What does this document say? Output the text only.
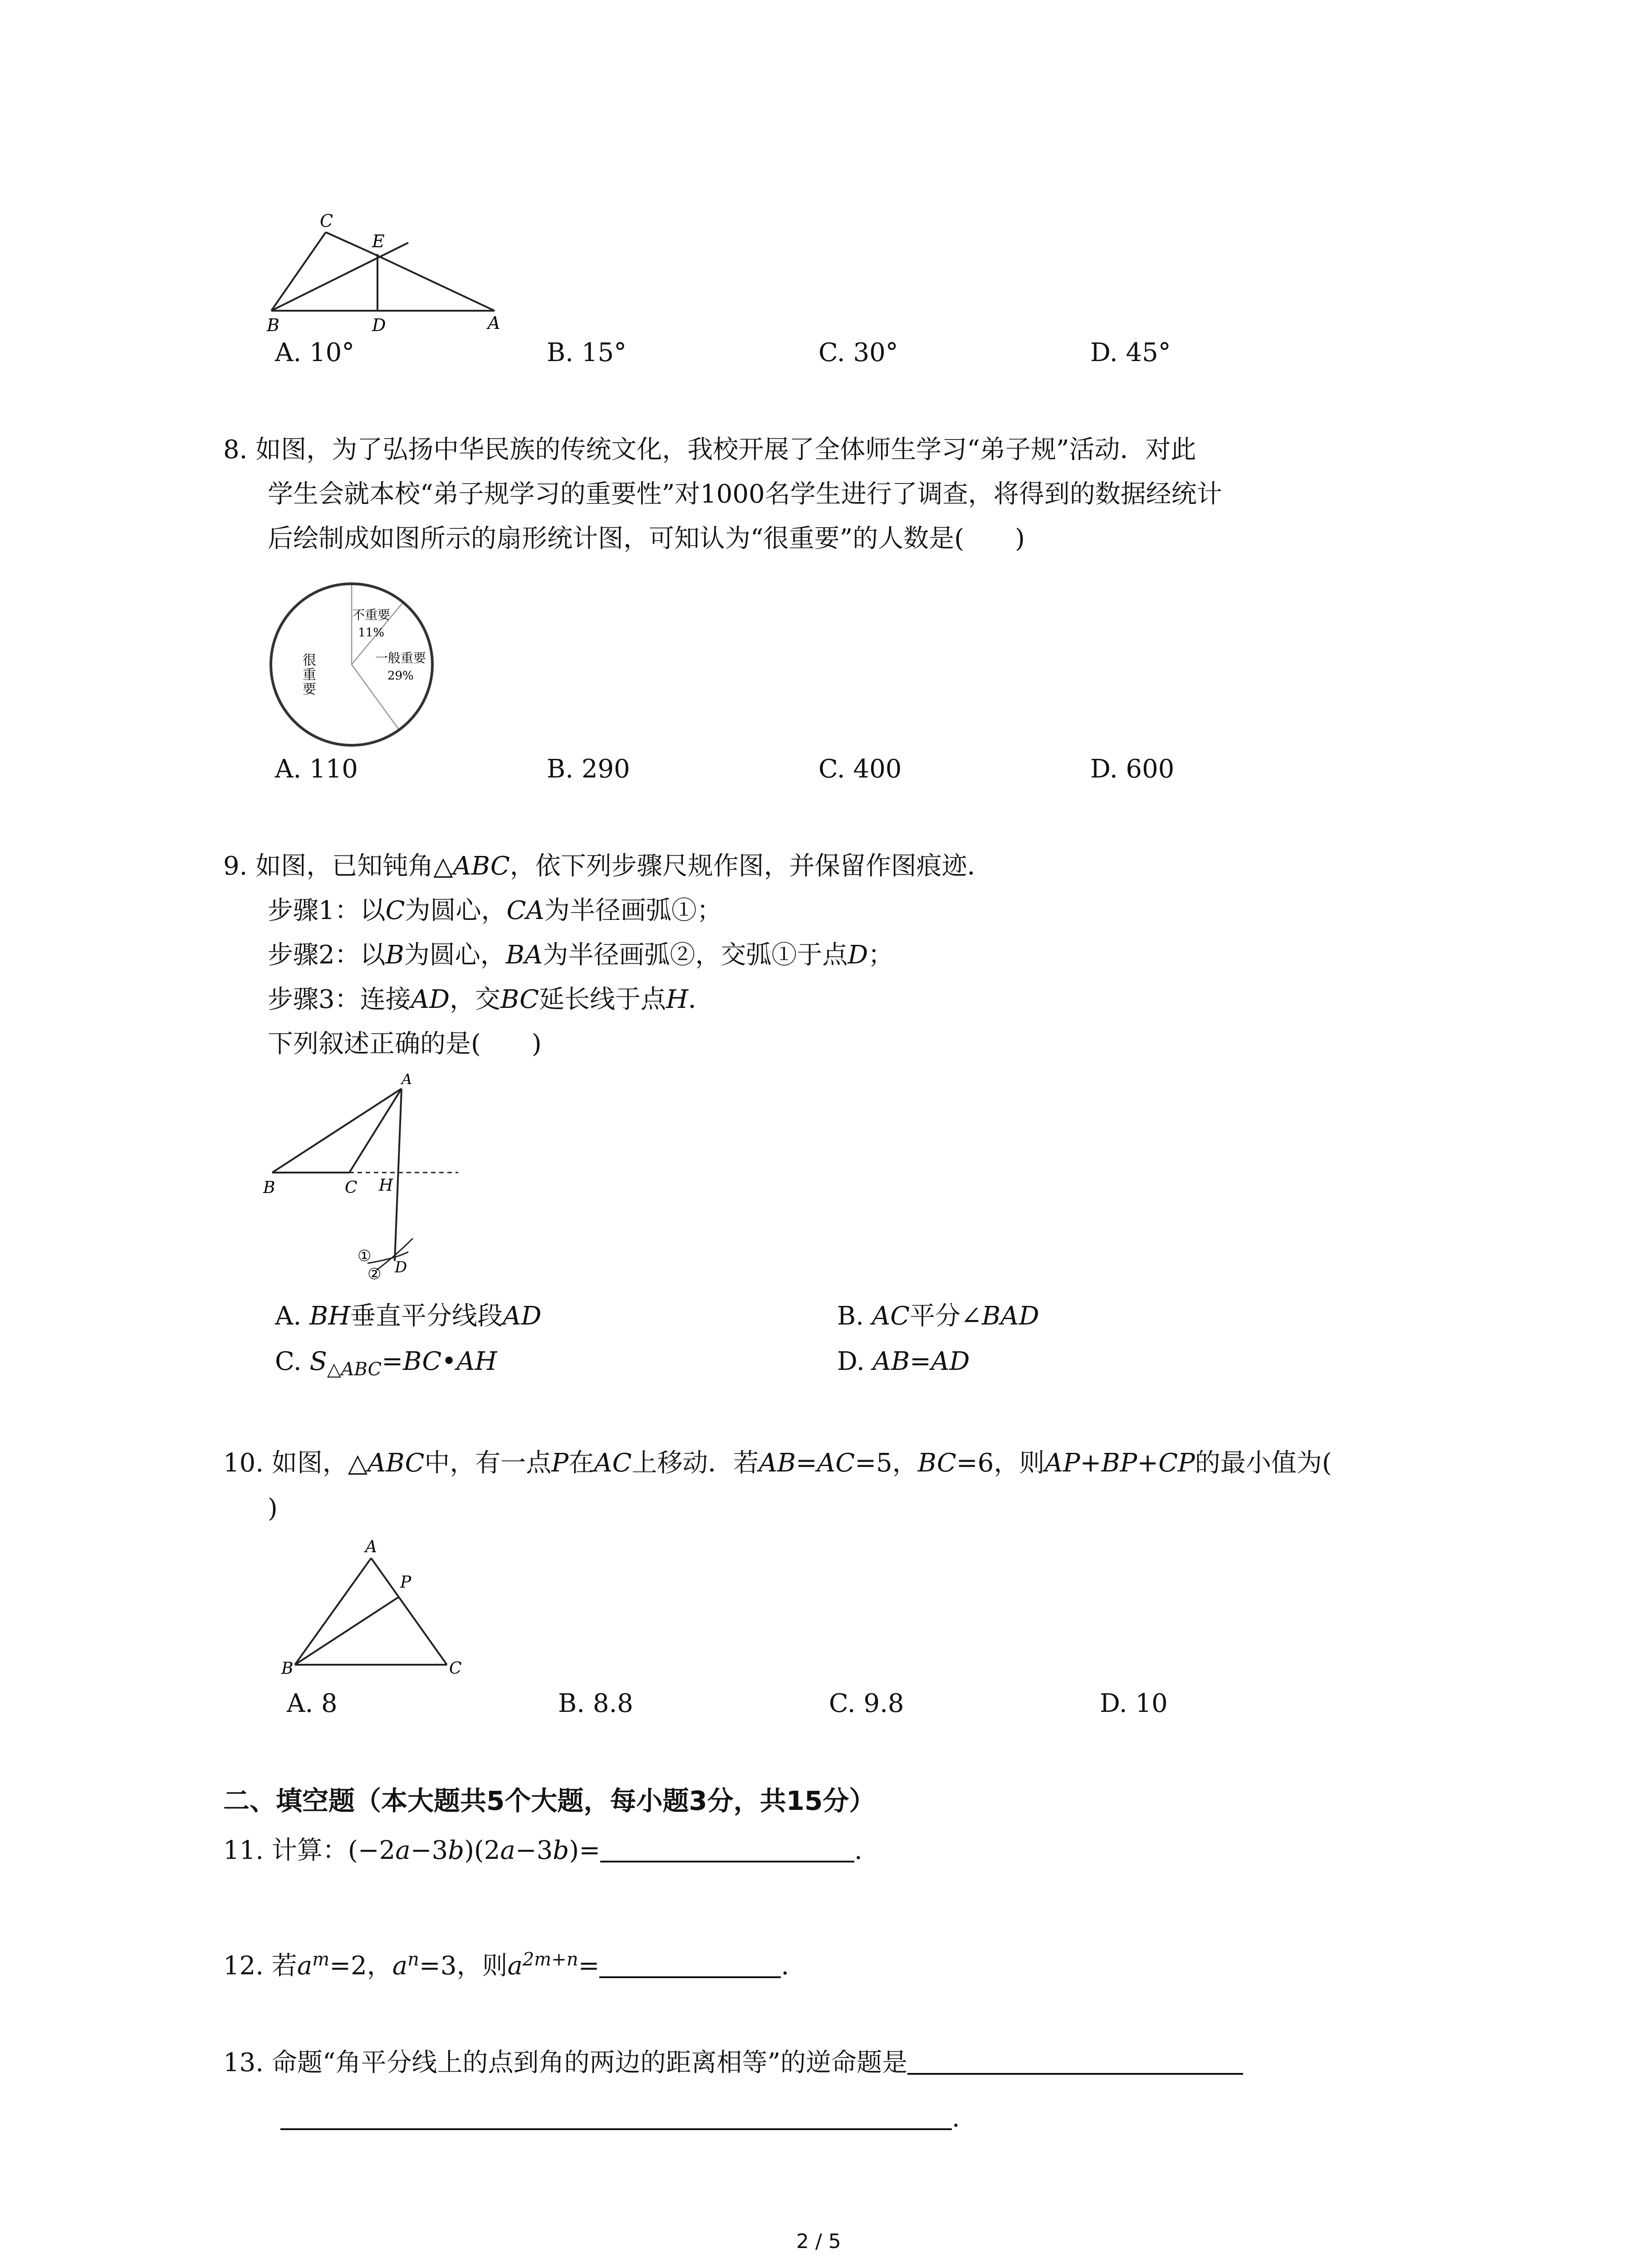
C
E
B	D	A
A. 10°	B. 15°	C. 30°	D. 45°
8. 如图，为了弘扬中华民族的传统文化，我校开展了全体师生学习“弟子规”活动．对此
学生会就本校“弟子规学习的重要性”对1000名学生进行了调查，将得到的数据经统计
后绘制成如图所示的扇形统计图，可知认为“很重要”的人数是(　　)
不重要
11%
一般重要
29%
很重要
A. 110	B. 290	C. 400	D. 600
9. 如图，已知钝角△ABC，依下列步骤尺规作图，并保留作图痕迹．
步骤1：以C为圆心，CA为半径画弧①；
步骤2：以B为圆心，BA为半径画弧②，交弧①于点D；
步骤3：连接AD，交BC延长线于点H．
下列叙述正确的是(　　)
A
B	C H
①
② D
A. BH垂直平分线段AD	B. AC平分∠BAD
C. $S_{\triangle ABC}=BC•AH$	D. AB=AD
10. 如图，△ABC中，有一点P在AC上移动．若AB=AC=5，BC=6，则AP+BP+CP的最小值为(
)
A
P
B	C
A. 8	B. 8.8	C. 9.8	D. 10
二、填空题（本大题共5个大题，每小题3分，共15分）
11. 计算：(−2a−3b)(2a−3b)=	.
12. 若$a^m=2$，$a^n=3$，则$a^{2m+n}=$	.
13. 命题“角平分线上的点到角的两边的距离相等”的逆命题是
.
2 / 5
